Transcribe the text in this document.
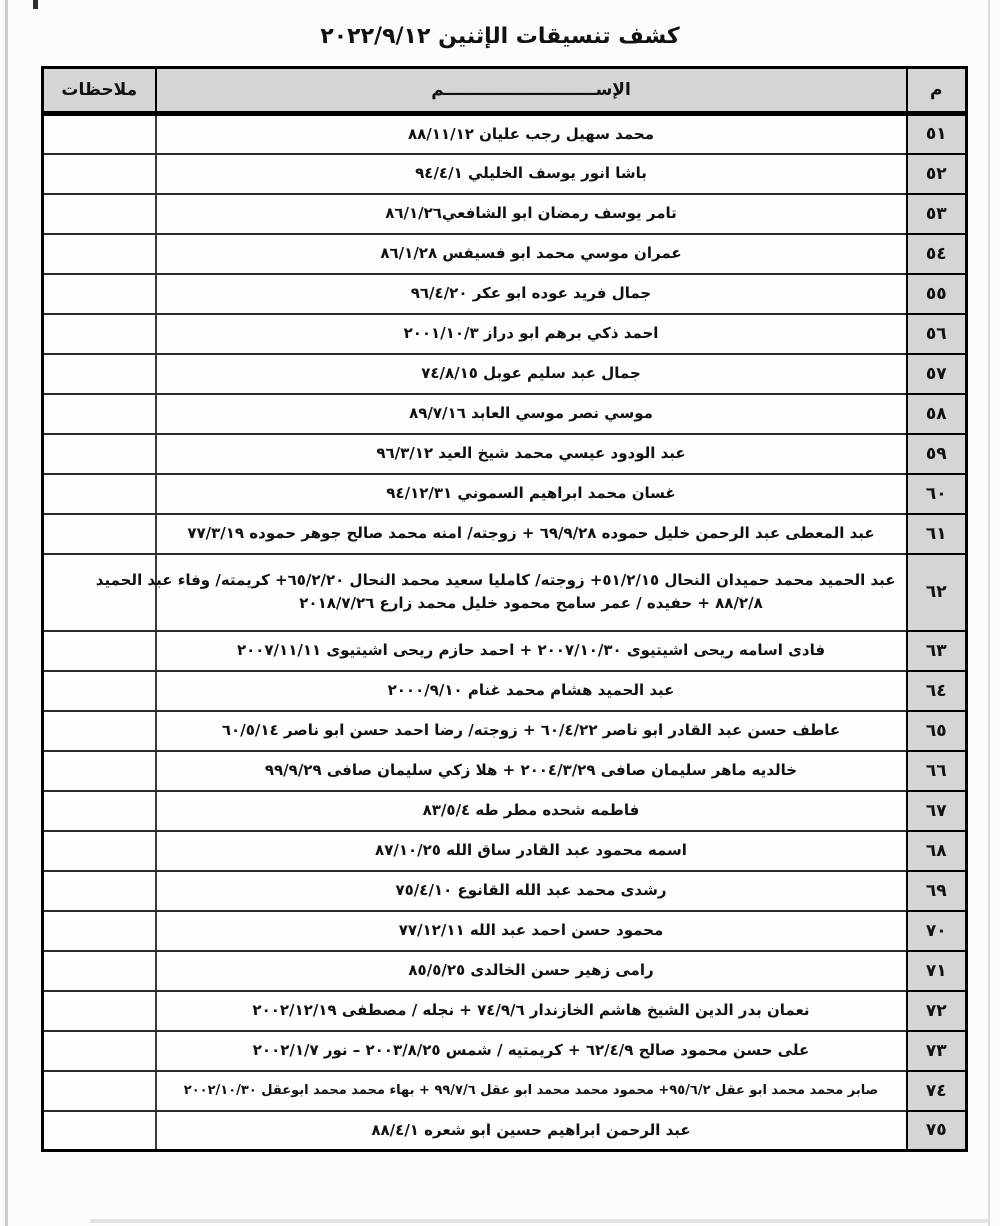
كشف تنسيقات الإثنين ٢٠٢٢/٩/١٢
م	الإســــــــــــــــــــــــــم	ملاحظات
٥١	محمد سهيل رجب عليان ٨٨/١١/١٢	

٥٢	باشا انور يوسف الخليلي ٩٤/٤/١	

٥٣	تامر يوسف رمضان ابو الشافعي٨٦/١/٢٦	

٥٤	عمران موسي محمد ابو فسيفس ٨٦/١/٢٨	

٥٥	جمال فريد عوده ابو عكر ٩٦/٤/٢٠	

٥٦	احمد ذكي برهم ابو دراز ٢٠٠١/١٠/٣	

٥٧	جمال عبد سليم عوبل ٧٤/٨/١٥	

٥٨	موسي نصر موسي العابد ٨٩/٧/١٦	

٥٩	عبد الودود عيسي محمد شيخ العيد ٩٦/٣/١٢	

٦٠	غسان محمد ابراهيم السموني ٩٤/١٢/٣١	

٦١	عبد المعطى عبد الرحمن خليل حموده ٦٩/٩/٢٨ + زوجته/ امنه محمد صالح جوهر حموده ٧٧/٣/١٩	

٦٢	عبد الحميد محمد حميدان النحال ٥١/٢/١٥+ زوجته/ كامليا سعيد محمد النحال ٦٥/٢/٢٠+ كريمته/ وفاء عبد الحميد
٨٨/٢/٨ + حفيده / عمر سامح محمود خليل محمد زارع ٢٠١٨/٧/٢٦	

٦٣	فادى اسامه ريحى اشيتيوى ٢٠٠٧/١٠/٣٠ + احمد حازم ريحى اشيتيوى ٢٠٠٧/١١/١١	

٦٤	عبد الحميد هشام محمد غنام ٢٠٠٠/٩/١٠	

٦٥	عاطف حسن عبد القادر ابو ناصر ٦٠/٤/٢٢ + زوجته/ رضا احمد حسن ابو ناصر ٦٠/٥/١٤	

٦٦	خالديه ماهر سليمان صافى ٢٠٠٤/٣/٢٩ + هلا زكي سليمان صافى ٩٩/٩/٢٩	

٦٧	فاطمه شحده مطر طه ٨٣/٥/٤	

٦٨	اسمه محمود عبد القادر ساق الله ٨٧/١٠/٢٥	

٦٩	رشدى محمد عبد الله القانوع ٧٥/٤/١٠	

٧٠	محمود حسن احمد عبد الله ٧٧/١٢/١١	

٧١	رامى زهير حسن الخالدى ٨٥/٥/٢٥	

٧٢	نعمان بدر الدين الشيخ هاشم الخازندار ٧٤/٩/٦ + نجله / مصطفى ٢٠٠٢/١٢/١٩	

٧٣	على حسن محمود صالح ٦٢/٤/٩ + كريمتيه / شمس ٢٠٠٣/٨/٢٥ – نور ٢٠٠٢/١/٧	

٧٤	صابر محمد محمد ابو عقل ٩٥/٦/٢+ محمود محمد محمد ابو عقل ٩٩/٧/٦ + بهاء محمد محمد ابوعقل ٢٠٠٢/١٠/٣٠	

٧٥	عبد الرحمن ابراهيم حسين ابو شعره ٨٨/٤/١	
